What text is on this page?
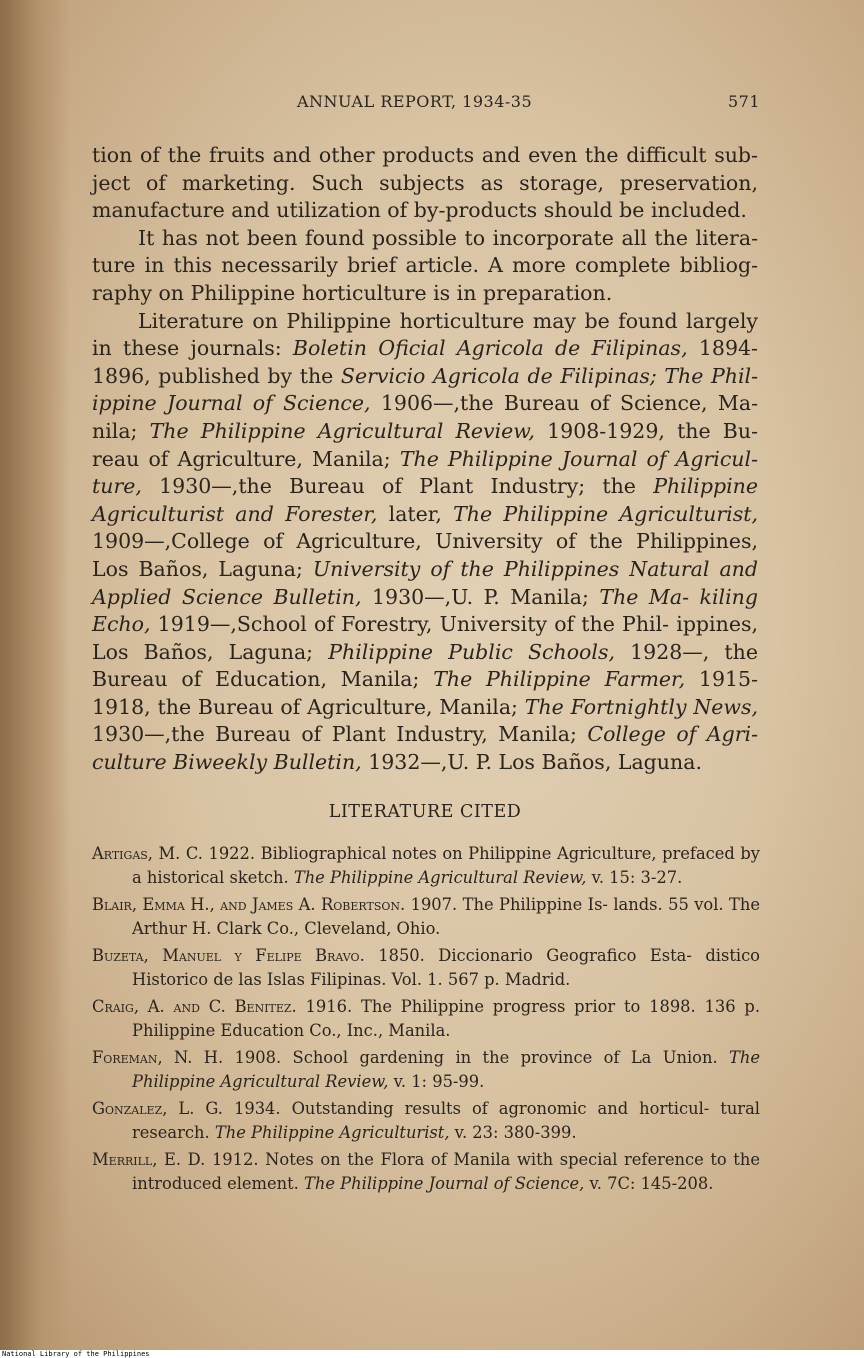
ANNUAL REPORT, 1934-35	571

tion of the fruits and other products and even the difficult sub- ject of marketing. Such subjects as storage, preservation, manufacture and utilization of by-products should be included.

It has not been found possible to incorporate all the litera- ture in this necessarily brief article. A more complete bibliog- raphy on Philippine horticulture is in preparation.

Literature on Philippine horticulture may be found largely in these journals: Boletin Oficial Agricola de Filipinas, 1894-1896, published by the Servicio Agricola de Filipinas; The Phil- ippine Journal of Science, 1906—,the Bureau of Science, Ma- nila; The Philippine Agricultural Review, 1908-1929, the Bu- reau of Agriculture, Manila; The Philippine Journal of Agricul- ture, 1930—,the Bureau of Plant Industry; the Philippine Agriculturist and Forester, later, The Philippine Agriculturist, 1909—,College of Agriculture, University of the Philippines, Los Baños, Laguna; University of the Philippines Natural and Applied Science Bulletin, 1930—,U. P. Manila; The Ma- kiling Echo, 1919—,School of Forestry, University of the Phil- ippines, Los Baños, Laguna; Philippine Public Schools, 1928—, the Bureau of Education, Manila; The Philippine Farmer, 1915-1918, the Bureau of Agriculture, Manila; The Fortnightly News, 1930—,the Bureau of Plant Industry, Manila; College of Agri- culture Biweekly Bulletin, 1932—,U. P. Los Baños, Laguna.

LITERATURE CITED
Artigas, M. C. 1922. Bibliographical notes on Philippine Agriculture, prefaced by a historical sketch. The Philippine Agricultural Review, v. 15: 3-27.
Blair, Emma H., and James A. Robertson. 1907. The Philippine Is- lands. 55 vol. The Arthur H. Clark Co., Cleveland, Ohio.
Buzeta, Manuel y Felipe Bravo. 1850. Diccionario Geografico Esta- distico Historico de las Islas Filipinas. Vol. 1. 567 p. Madrid.
Craig, A. and C. Benitez. 1916. The Philippine progress prior to 1898. 136 p. Philippine Education Co., Inc., Manila.
Foreman, N. H. 1908. School gardening in the province of La Union. The Philippine Agricultural Review, v. 1: 95-99.
Gonzalez, L. G. 1934. Outstanding results of agronomic and horticul- tural research. The Philippine Agriculturist, v. 23: 380-399.
Merrill, E. D. 1912. Notes on the Flora of Manila with special reference to the introduced element. The Philippine Journal of Science, v. 7C: 145-208.
National Library of the Philippines
